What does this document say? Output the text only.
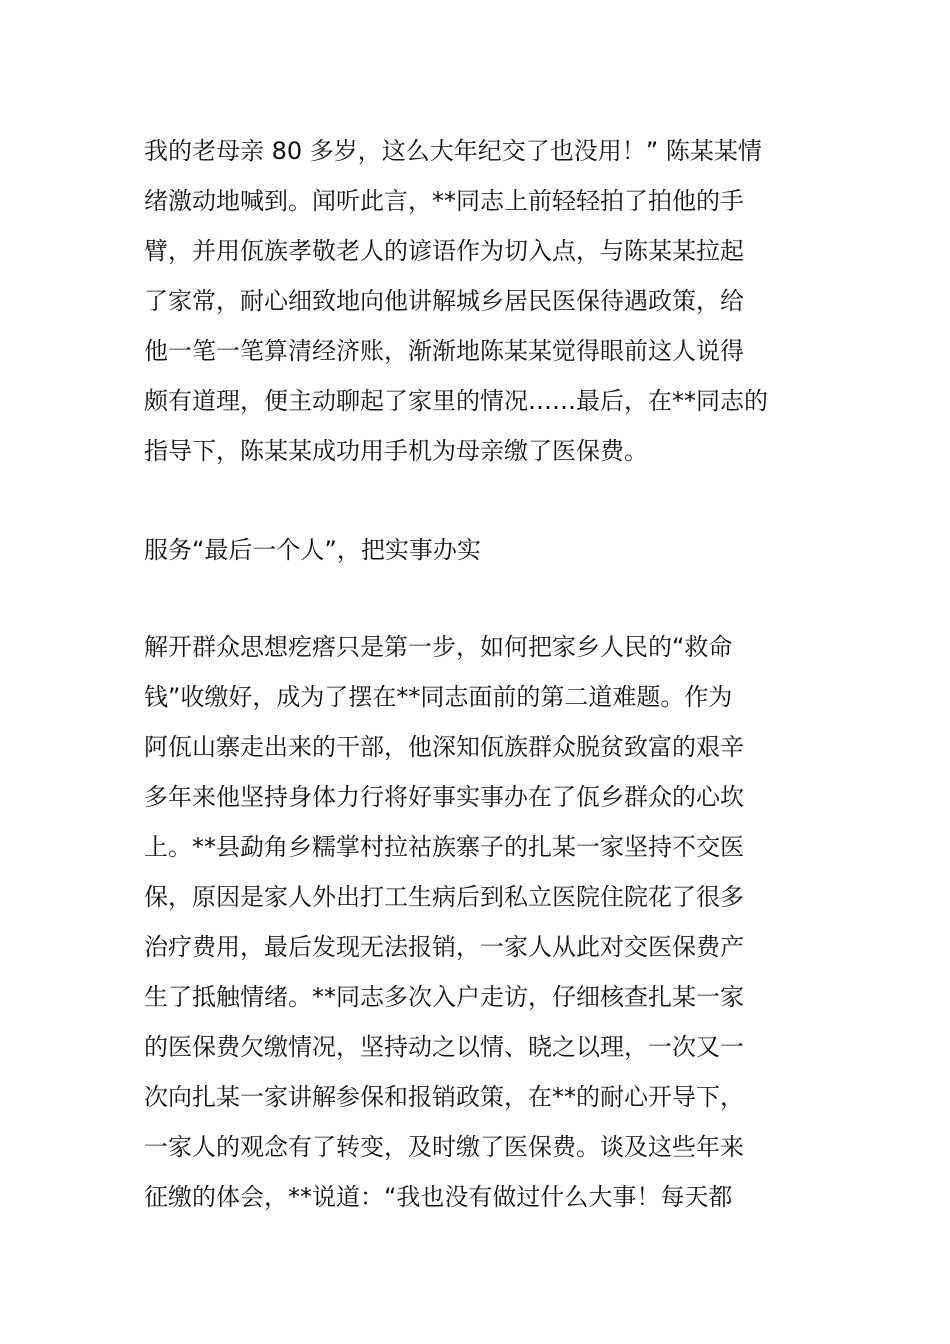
我的老母亲 80 多岁，这么大年纪交了也没用！” 陈某某情
绪激动地喊到。闻听此言，**同志上前轻轻拍了拍他的手
臂，并用佤族孝敬老人的谚语作为切入点，与陈某某拉起
了家常，耐心细致地向他讲解城乡居民医保待遇政策，给
他一笔一笔算清经济账，渐渐地陈某某觉得眼前这人说得
颇有道理，便主动聊起了家里的情况……最后，在**同志的
指导下，陈某某成功用手机为母亲缴了医保费。
服务“最后一个人”，把实事办实
解开群众思想疙瘩只是第一步，如何把家乡人民的“救命
钱”收缴好，成为了摆在**同志面前的第二道难题。作为
阿佤山寨走出来的干部，他深知佤族群众脱贫致富的艰辛
多年来他坚持身体力行将好事实事办在了佤乡群众的心坎
上。**县勐角乡糯掌村拉祜族寨子的扎某一家坚持不交医
保，原因是家人外出打工生病后到私立医院住院花了很多
治疗费用，最后发现无法报销，一家人从此对交医保费产
生了抵触情绪。**同志多次入户走访，仔细核查扎某一家
的医保费欠缴情况，坚持动之以情、晓之以理，一次又一
次向扎某一家讲解参保和报销政策，在**的耐心开导下，
一家人的观念有了转变，及时缴了医保费。谈及这些年来
征缴的体会，**说道：“我也没有做过什么大事！每天都
